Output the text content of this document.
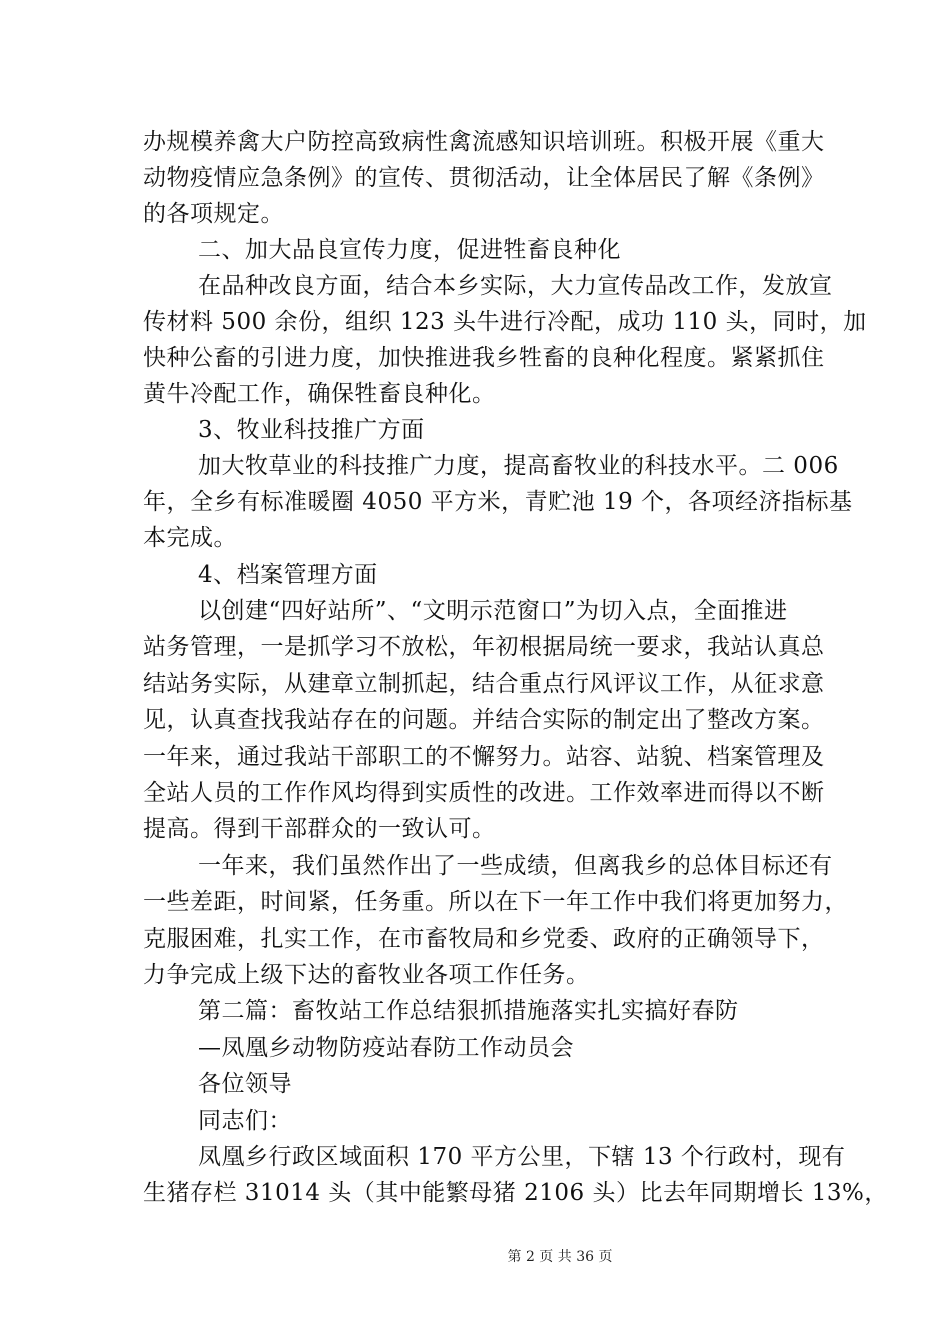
办规模养禽大户防控高致病性禽流感知识培训班。积极开展《重大
动物疫情应急条例》的宣传、贯彻活动，让全体居民了解《条例》
的各项规定。
二、加大品良宣传力度，促进牲畜良种化
在品种改良方面，结合本乡实际，大力宣传品改工作，发放宣
传材料 500 余份，组织 123 头牛进行冷配，成功 110 头，同时，加
快种公畜的引进力度，加快推进我乡牲畜的良种化程度。紧紧抓住
黄牛冷配工作，确保牲畜良种化。
3、牧业科技推广方面
加大牧草业的科技推广力度，提高畜牧业的科技水平。二 006
年，全乡有标准暖圈 4050 平方米，青贮池 19 个，各项经济指标基
本完成。
4、档案管理方面
以创建“四好站所”、“文明示范窗口”为切入点，全面推进
站务管理，一是抓学习不放松，年初根据局统一要求，我站认真总
结站务实际，从建章立制抓起，结合重点行风评议工作，从征求意
见，认真查找我站存在的问题。并结合实际的制定出了整改方案。
一年来，通过我站干部职工的不懈努力。站容、站貌、档案管理及
全站人员的工作作风均得到实质性的改进。工作效率进而得以不断
提高。得到干部群众的一致认可。
一年来，我们虽然作出了一些成绩，但离我乡的总体目标还有
一些差距，时间紧，任务重。所以在下一年工作中我们将更加努力，
克服困难，扎实工作，在市畜牧局和乡党委、政府的正确领导下，
力争完成上级下达的畜牧业各项工作任务。
第二篇：畜牧站工作总结狠抓措施落实扎实搞好春防
—凤凰乡动物防疫站春防工作动员会
各位领导
同志们：
凤凰乡行政区域面积 170 平方公里，下辖 13 个行政村，现有
生猪存栏 31014 头（其中能繁母猪 2106 头）比去年同期增长 13%，
第 2 页 共 36 页
